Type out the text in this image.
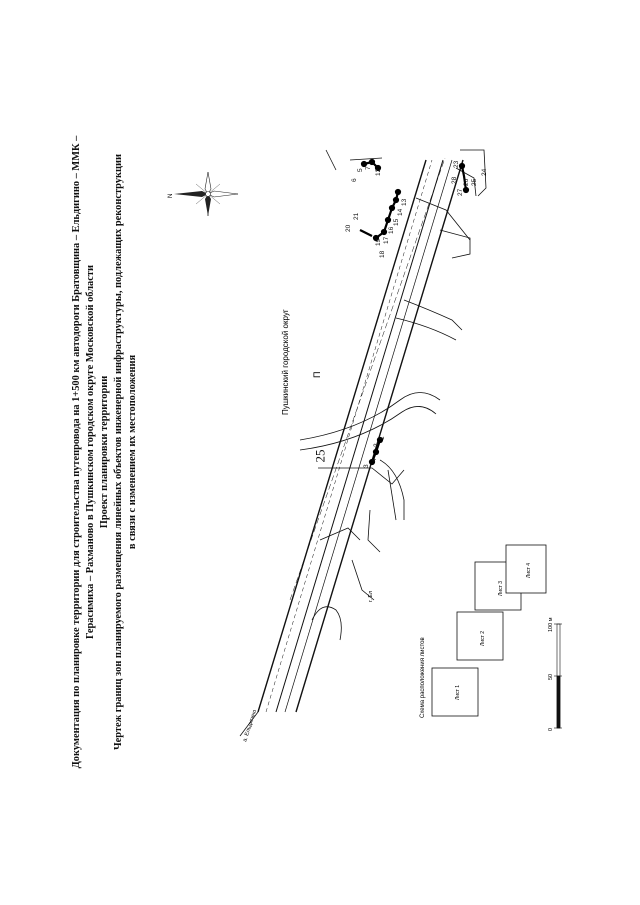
25
Документация по планировке территории для строительства путепровода на 1+500 км автодороги Братовщина – Ельдигино – ММК – Герасимиха – Рахманово в Пушкинском городском округе Московской области Проект планировки территории Чертеж границ зон планируемого размещения линейных объектов инженерной инфраструктуры, подлежащих реконструкции в связи с изменением их местоположения
N
а. Ельдигино
г. Ел
П
Пушкинский городской округ
3
4
2
1
20
21
18
19 17
16
15
14
13
12
5
6
7
23
24
25
26
27
28
Схема расположения листов	Лист 1
Лист 2
Лист 3
Лист 4
0
50
100 м
